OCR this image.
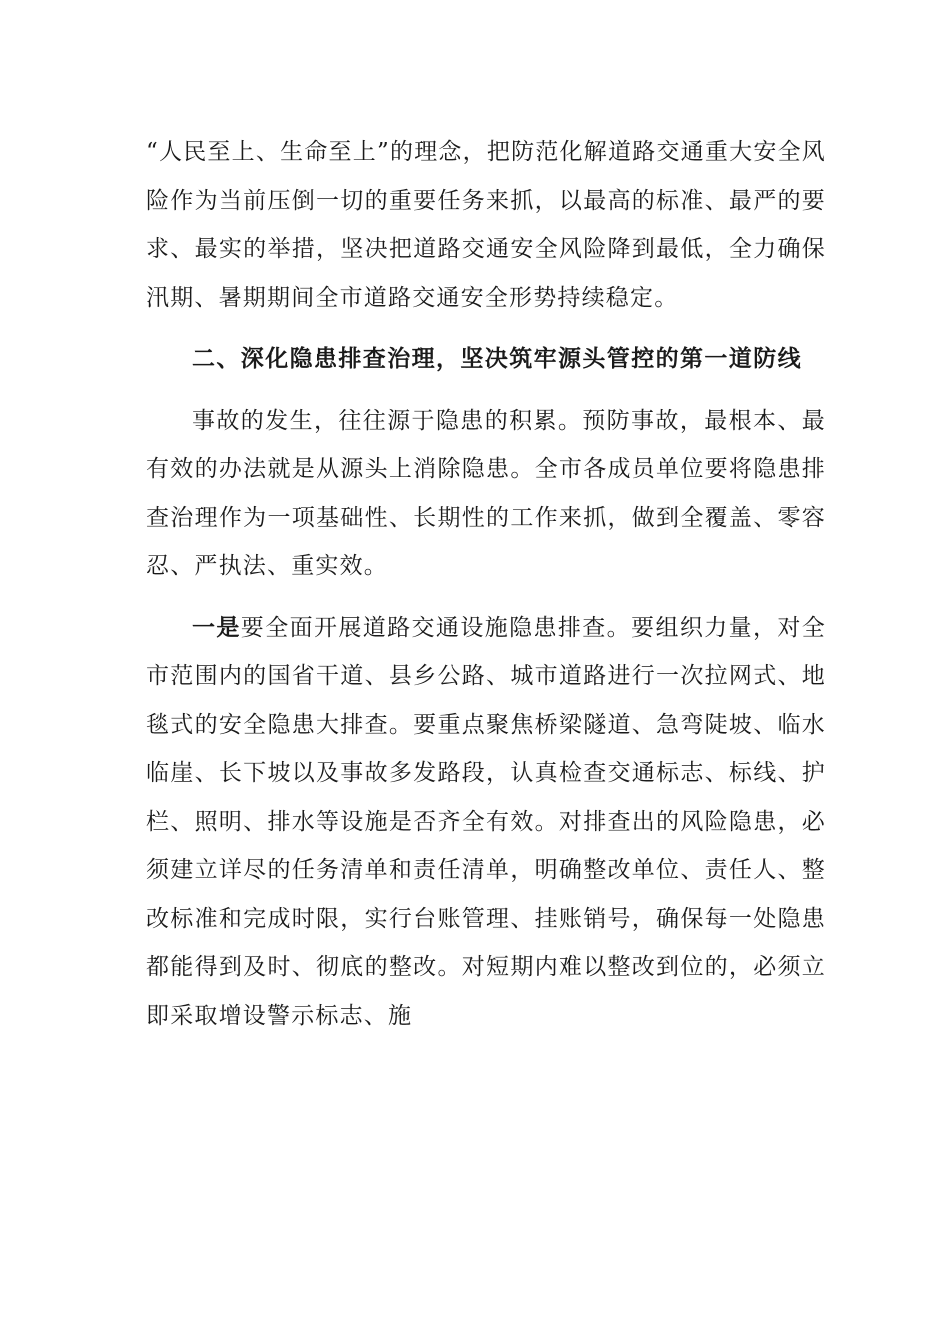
“人民至上、生命至上”的理念，把防范化解道路交通重大安全风险作为当前压倒一切的重要任务来抓，以最高的标准、最严的要求、最实的举措，坚决把道路交通安全风险降到最低，全力确保汛期、暑期期间全市道路交通安全形势持续稳定。

二、深化隐患排查治理，坚决筑牢源头管控的第一道防线

事故的发生，往往源于隐患的积累。预防事故，最根本、最有效的办法就是从源头上消除隐患。全市各成员单位要将隐患排查治理作为一项基础性、长期性的工作来抓，做到全覆盖、零容忍、严执法、重实效。

一是要全面开展道路交通设施隐患排查。要组织力量，对全市范围内的国省干道、县乡公路、城市道路进行一次拉网式、地毯式的安全隐患大排查。要重点聚焦桥梁隧道、急弯陡坡、临水临崖、长下坡以及事故多发路段，认真检查交通标志、标线、护栏、照明、排水等设施是否齐全有效。对排查出的风险隐患，必须建立详尽的任务清单和责任清单，明确整改单位、责任人、整改标准和完成时限，实行台账管理、挂账销号，确保每一处隐患都能得到及时、彻底的整改。对短期内难以整改到位的，必须立即采取增设警示标志、施
